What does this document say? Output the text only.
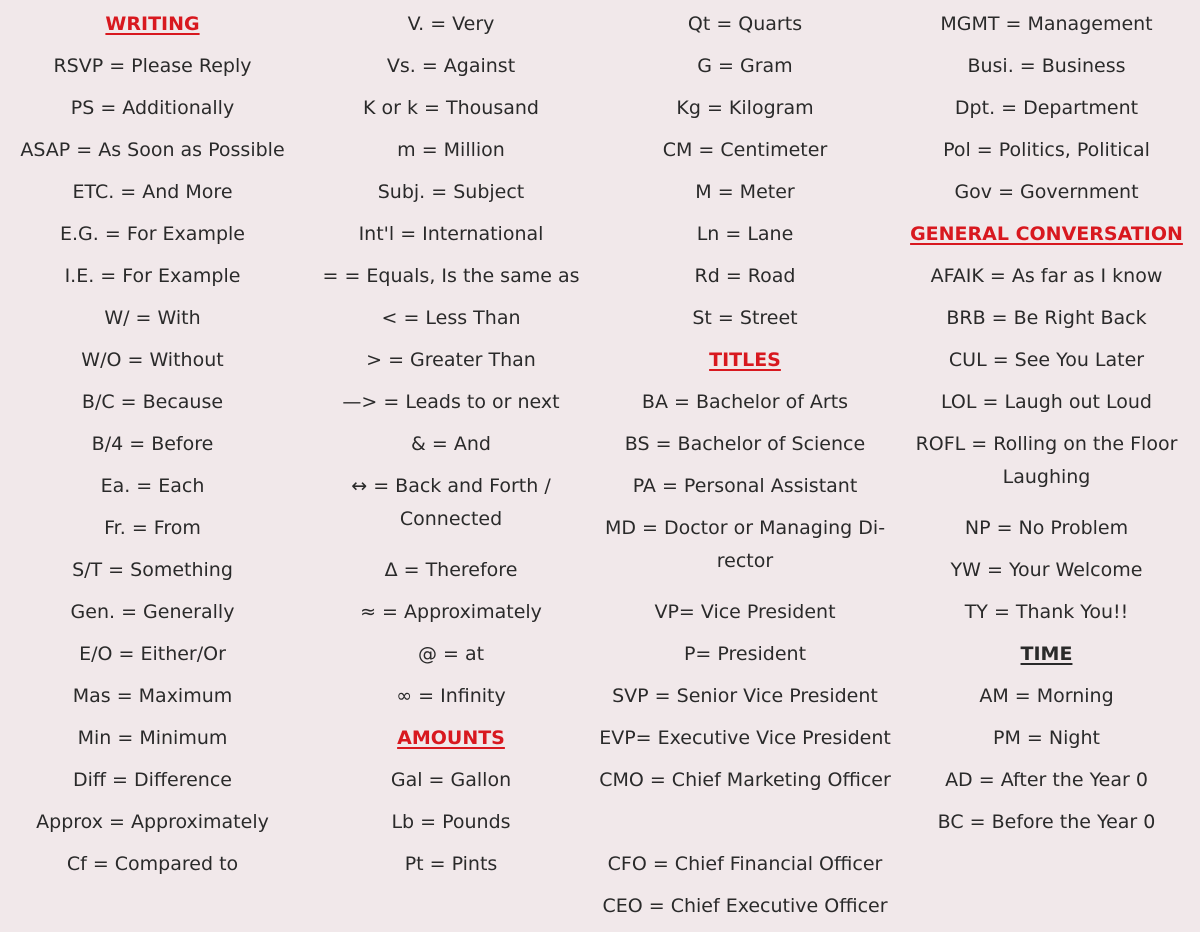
WRITING
RSVP = Please Reply
PS = Additionally
ASAP = As Soon as Possible
ETC. = And More
E.G. = For Example
I.E. = For Example
W/ = With
W/O = Without
B/C = Because
B/4 = Before
Ea. = Each
Fr. = From
S/T = Something
Gen. = Generally
E/O = Either/Or
Mas = Maximum
Min = Minimum
Diff = Difference
Approx = Approximately
Cf = Compared to
V. = Very
Vs. = Against
K or k = Thousand
m = Million
Subj. = Subject
Int'l = International
= = Equals, Is the same as
< = Less Than
> = Greater Than
—> = Leads to or next
& = And
↔ = Back and Forth / Connected
Δ = Therefore
≈ = Approximately
@ = at
∞ = Infinity
AMOUNTS
Gal = Gallon
Lb = Pounds
Pt = Pints
Qt = Quarts
G = Gram
Kg = Kilogram
CM = Centimeter
M = Meter
Ln = Lane
Rd = Road
St = Street
TITLES
BA = Bachelor of Arts
BS = Bachelor of Science
PA = Personal Assistant
MD = Doctor or Managing Di- rector
VP= Vice President
P= President
SVP = Senior Vice President
EVP= Executive Vice President
CMO = Chief Marketing Officer
CFO = Chief Financial Officer
CEO = Chief Executive Officer
MGMT = Management
Busi. = Business
Dpt. = Department
Pol = Politics, Political
Gov = Government
GENERAL CONVERSATION
AFAIK = As far as I know
BRB = Be Right Back
CUL = See You Later
LOL = Laugh out Loud
ROFL = Rolling on the Floor Laughing
NP = No Problem
YW = Your Welcome
TY = Thank You!!
TIME
AM = Morning
PM = Night
AD = After the Year 0
BC = Before the Year 0
